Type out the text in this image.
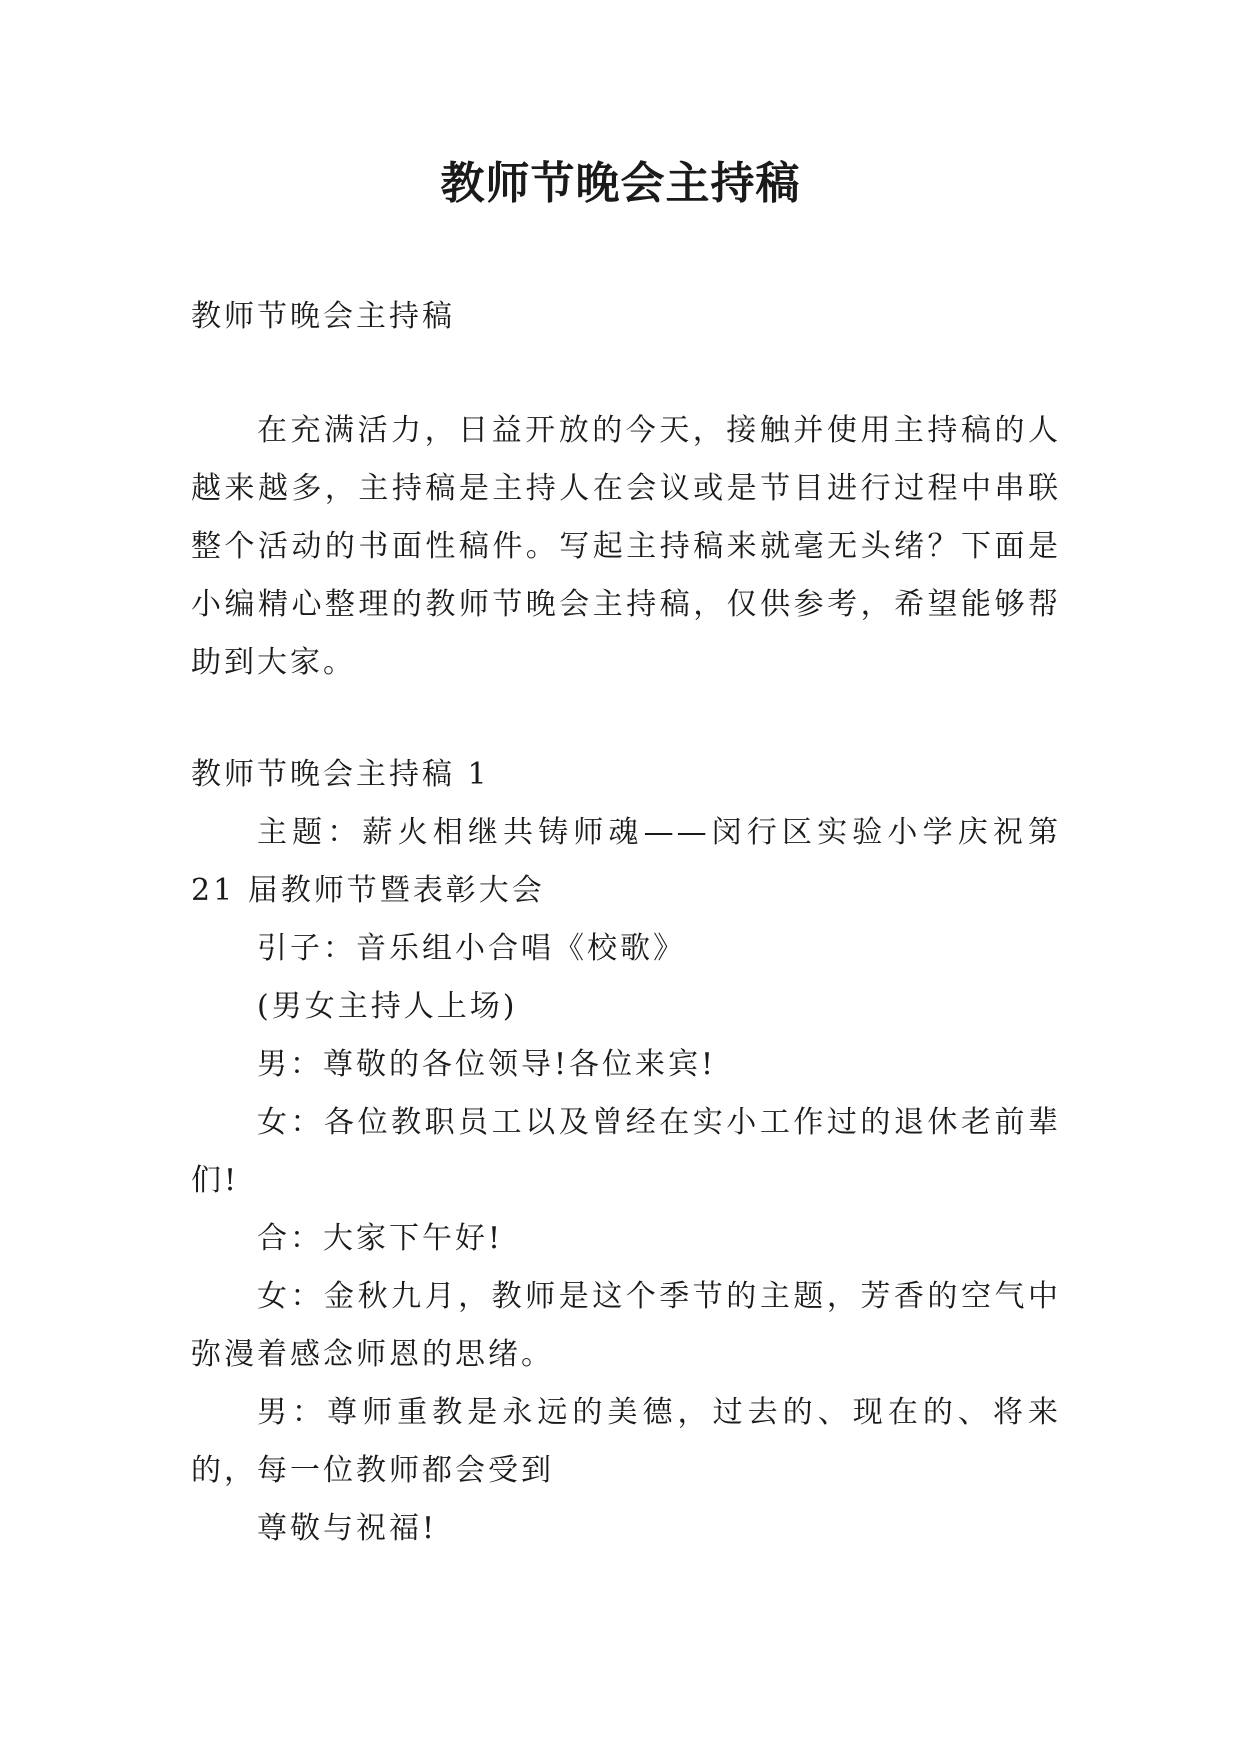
教师节晚会主持稿

教师节晚会主持稿

在充满活力，日益开放的今天，接触并使用主持稿的人越来越多，主持稿是主持人在会议或是节目进行过程中串联整个活动的书面性稿件。写起主持稿来就毫无头绪？下面是小编精心整理的教师节晚会主持稿，仅供参考，希望能够帮助到大家。

教师节晚会主持稿 1

主题：薪火相继共铸师魂——闵行区实验小学庆祝第 21 届教师节暨表彰大会

引子：音乐组小合唱《校歌》

(男女主持人上场)

男：尊敬的各位领导!各位来宾!

女：各位教职员工以及曾经在实小工作过的退休老前辈们!

合：大家下午好!

女：金秋九月，教师是这个季节的主题，芳香的空气中弥漫着感念师恩的思绪。

男：尊师重教是永远的美德，过去的、现在的、将来的，每一位教师都会受到

尊敬与祝福!
